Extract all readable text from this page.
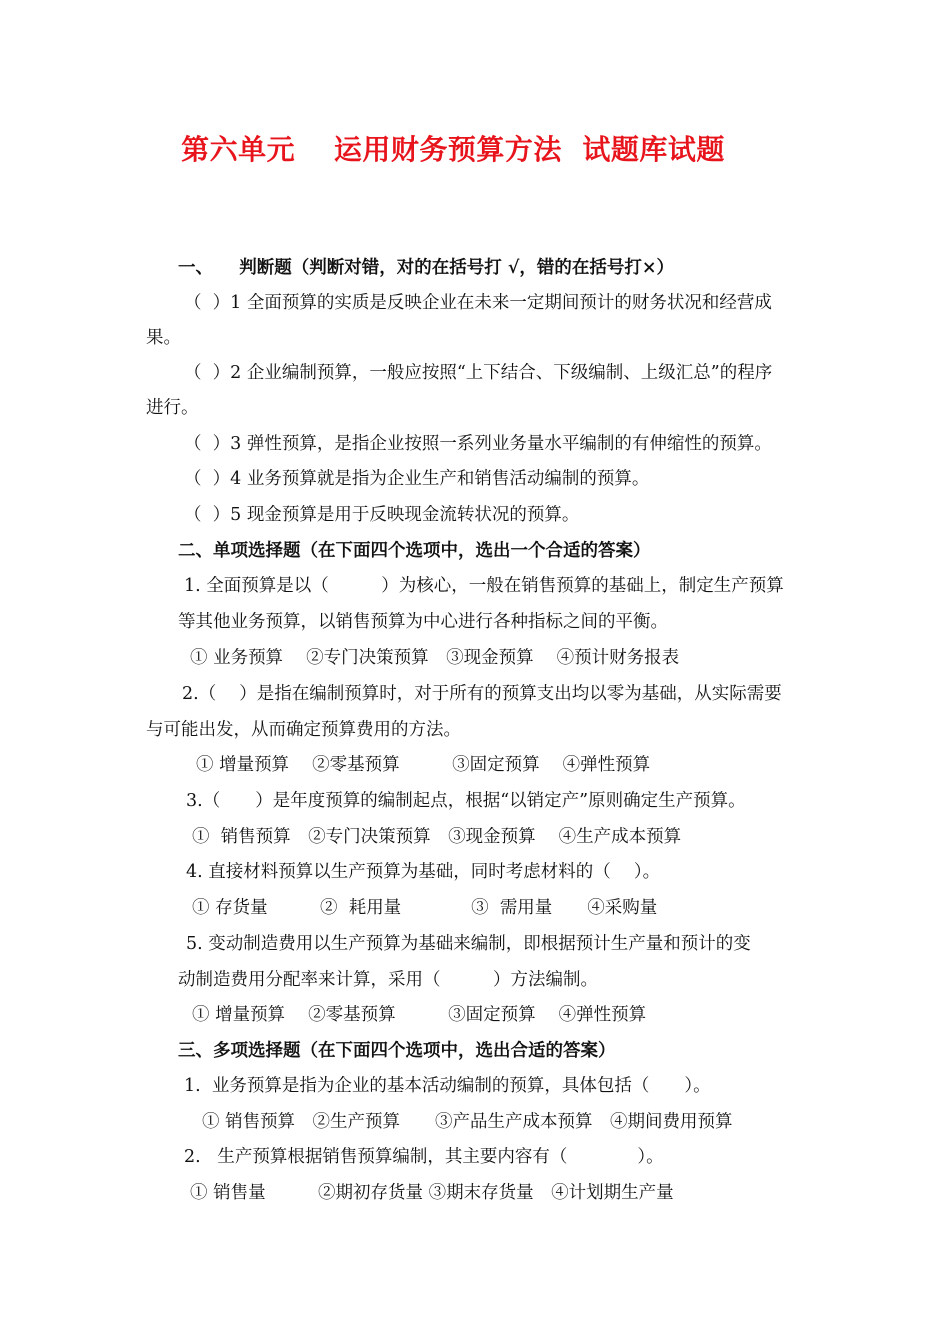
第六单元　 运用财务预算方法  试题库试题
一、　　判断题（判断对错，对的在括号打 √，错的在括号打×）
（  ）1 全面预算的实质是反映企业在未来一定期间预计的财务状况和经营成
果。
（  ）2 企业编制预算，一般应按照“上下结合、下级编制、上级汇总”的程序
进行。
（  ）3 弹性预算，是指企业按照一系列业务量水平编制的有伸缩性的预算。
（  ）4 业务预算就是指为企业生产和销售活动编制的预算。
（  ）5 现金预算是用于反映现金流转状况的预算。
二、单项选择题（在下面四个选项中，选出一个合适的答案）
1. 全面预算是以（　　　）为核心，一般在销售预算的基础上，制定生产预算
等其他业务预算，以销售预算为中心进行各种指标之间的平衡。
① 业务预算　 ②专门决策预算　③现金预算　 ④预计财务报表
2.（　 ）是指在编制预算时，对于所有的预算支出均以零为基础，从实际需要
与可能出发，从而确定预算费用的方法。
① 增量预算　 ②零基预算　　　③固定预算　 ④弹性预算
3.（　　）是年度预算的编制起点，根据“以销定产”原则确定生产预算。
①  销售预算　②专门决策预算　③现金预算　 ④生产成本预算
4. 直接材料预算以生产预算为基础，同时考虑材料的（　 ）。
① 存货量　　　②  耗用量　　　　③  需用量　　④采购量
5. 变动制造费用以生产预算为基础来编制，即根据预计生产量和预计的变
动制造费用分配率来计算，采用（　　　）方法编制。
① 增量预算　 ②零基预算　　　③固定预算　 ④弹性预算
三、多项选择题（在下面四个选项中，选出合适的答案）
1.  业务预算是指为企业的基本活动编制的预算，具体包括（　　）。
① 销售预算　②生产预算　　③产品生产成本预算　④期间费用预算
2.   生产预算根据销售预算编制，其主要内容有（　　　　）。
① 销售量　　　②期初存货量 ③期末存货量　④计划期生产量
